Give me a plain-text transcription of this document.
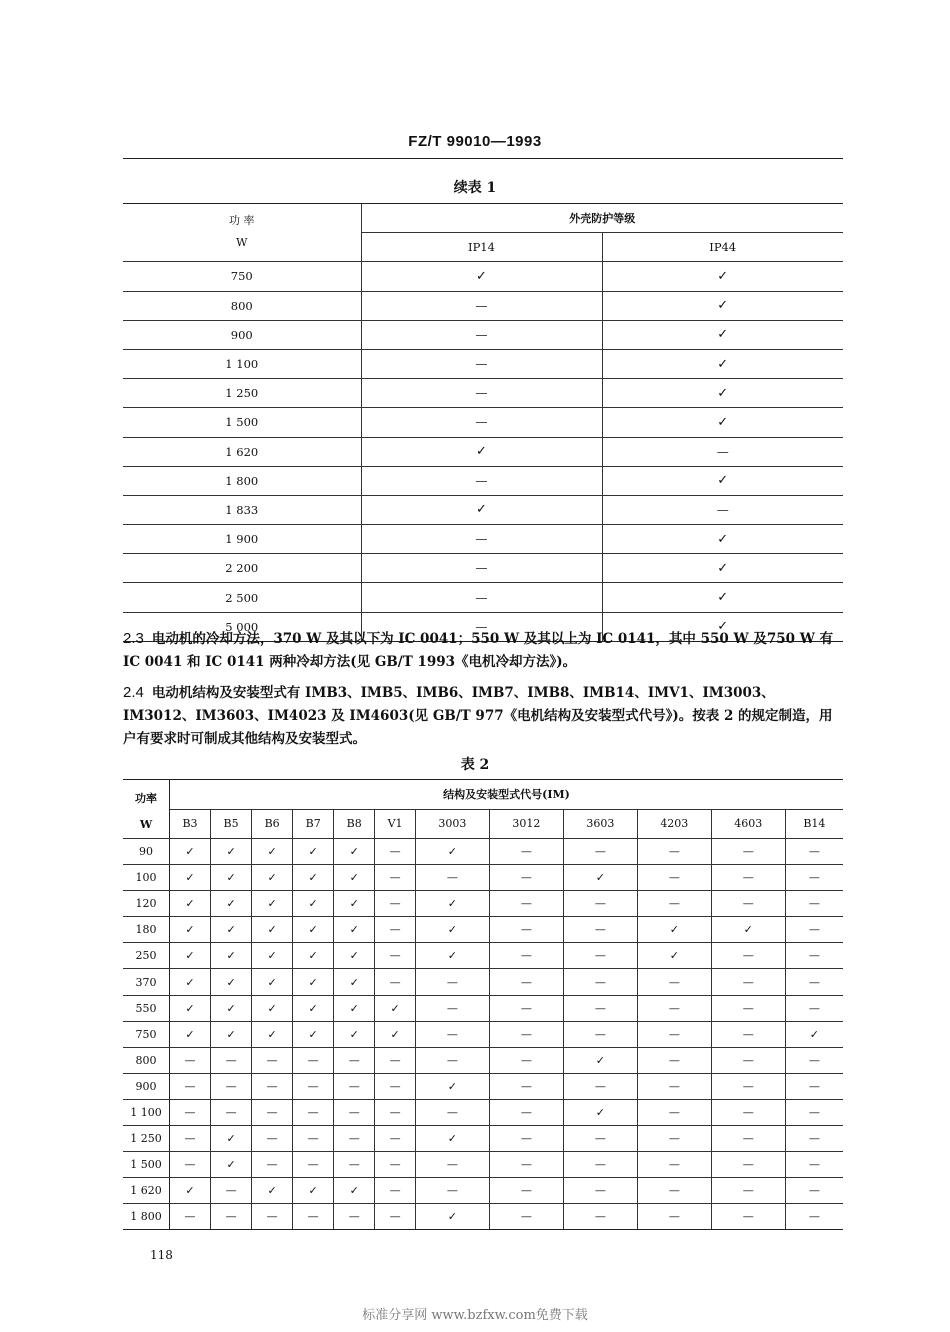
FZ/T 99010—1993
续表 1
功 率
W	外壳防护等级	
	IP14	IP44
750	✓	✓
800	—	✓
900	—	✓
1 100	—	✓
1 250	—	✓
1 500	—	✓
1 620	✓	—
1 800	—	✓
1 833	✓	—
1 900	—	✓
2 200	—	✓
2 500	—	✓
5 000	—	✓
2.3 电动机的冷却方法，370 W 及其以下为 IC 0041；550 W 及其以上为 IC 0141，其中 550 W 及750 W 有 IC 0041 和 IC 0141 两种冷却方法(见 GB/T 1993《电机冷却方法》)。
2.4 电动机结构及安装型式有 IMB3、IMB5、IMB6、IMB7、IMB8、IMB14、IMV1、IM3003、IM3012、IM3603、IM4023 及 IM4603(见 GB/T 977《电机结构及安装型式代号》)。按表 2 的规定制造，用户有要求时可制成其他结构及安装型式。
表 2
功率
W	结构及安装型式代号(IM)											
	B3	B5	B6	B7	B8	V1	3003	3012	3603	4203	4603	B14
90	✓	✓	✓	✓	✓	—	✓	—	—	—	—	—
100	✓	✓	✓	✓	✓	—	—	—	✓	—	—	—
120	✓	✓	✓	✓	✓	—	✓	—	—	—	—	—
180	✓	✓	✓	✓	✓	—	✓	—	—	✓	✓	—
250	✓	✓	✓	✓	✓	—	✓	—	—	✓	—	—
370	✓	✓	✓	✓	✓	—	—	—	—	—	—	—
550	✓	✓	✓	✓	✓	✓	—	—	—	—	—	—
750	✓	✓	✓	✓	✓	✓	—	—	—	—	—	✓
800	—	—	—	—	—	—	—	—	✓	—	—	—
900	—	—	—	—	—	—	✓	—	—	—	—	—
1 100	—	—	—	—	—	—	—	—	✓	—	—	—
1 250	—	✓	—	—	—	—	✓	—	—	—	—	—
1 500	—	✓	—	—	—	—	—	—	—	—	—	—
1 620	✓	—	✓	✓	✓	—	—	—	—	—	—	—
1 800	—	—	—	—	—	—	✓	—	—	—	—	—
118
标准分享网 www.bzfxw.com免费下载
